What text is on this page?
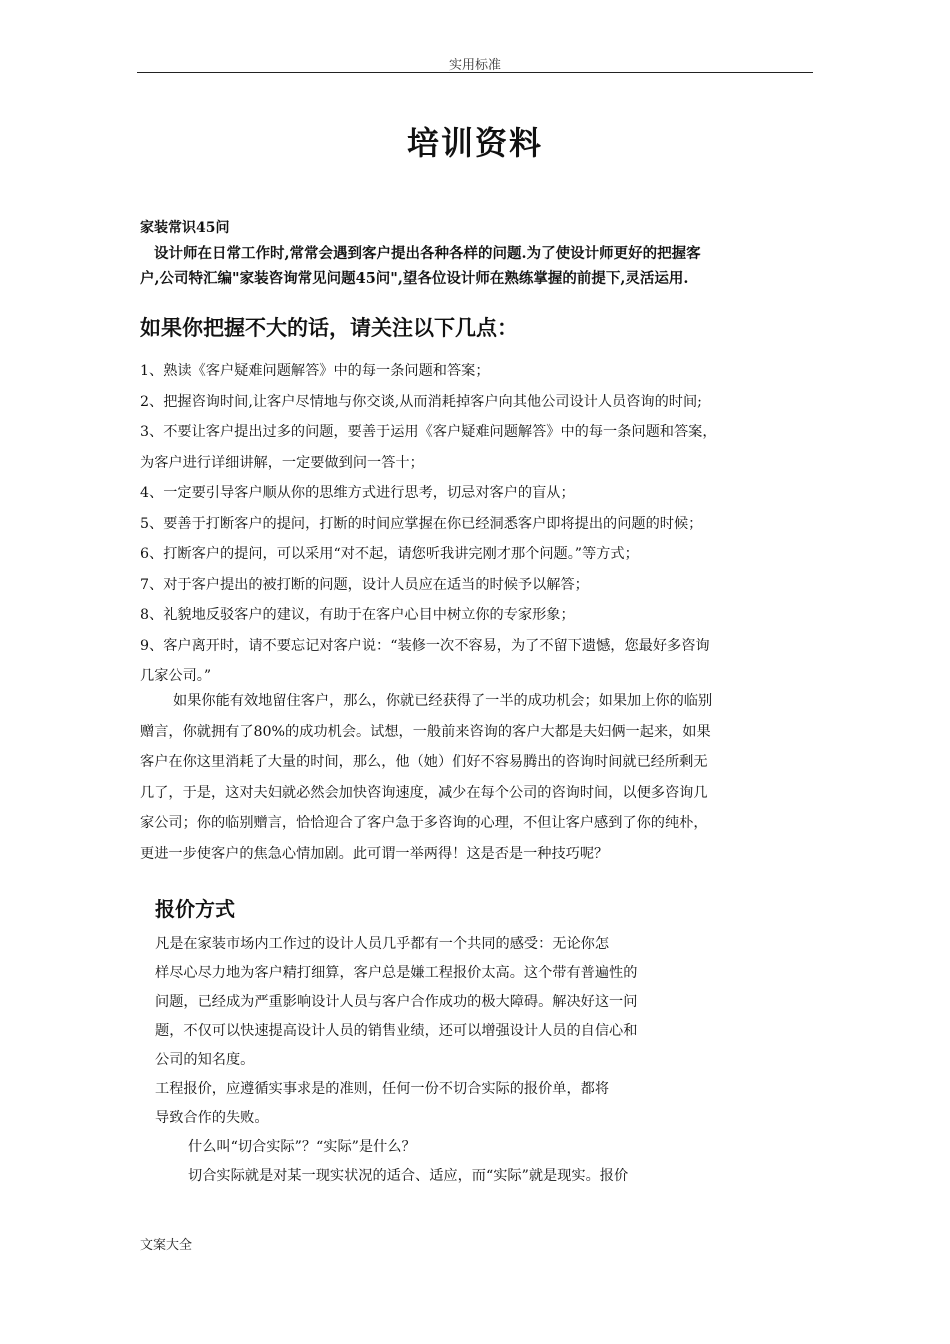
实用标准
培训资料
家装常识45问
设计师在日常工作时,常常会遇到客户提出各种各样的问题.为了使设计师更好的把握客
户,公司特汇编"家装咨询常见问题45问",望各位设计师在熟练掌握的前提下,灵活运用.
如果你把握不大的话，请关注以下几点：
1、熟读《客户疑难问题解答》中的每一条问题和答案；
2、把握咨询时间,让客户尽情地与你交谈,从而消耗掉客户向其他公司设计人员咨询的时间;
3、不要让客户提出过多的问题，要善于运用《客户疑难问题解答》中的每一条问题和答案，
为客户进行详细讲解，一定要做到问一答十；
4、一定要引导客户顺从你的思维方式进行思考，切忌对客户的盲从；
5、要善于打断客户的提问，打断的时间应掌握在你已经洞悉客户即将提出的问题的时候；
6、打断客户的提问，可以采用“对不起，请您听我讲完刚才那个问题。”等方式；
7、对于客户提出的被打断的问题，设计人员应在适当的时候予以解答；
8、礼貌地反驳客户的建议，有助于在客户心目中树立你的专家形象；
9、客户离开时，请不要忘记对客户说：“装修一次不容易，为了不留下遗憾，您最好多咨询
几家公司。”
如果你能有效地留住客户，那么，你就已经获得了一半的成功机会；如果加上你的临别
赠言，你就拥有了80%的成功机会。试想，一般前来咨询的客户大都是夫妇俩一起来，如果
客户在你这里消耗了大量的时间，那么，他（她）们好不容易腾出的咨询时间就已经所剩无
几了，于是，这对夫妇就必然会加快咨询速度，减少在每个公司的咨询时间，以便多咨询几
家公司；你的临别赠言，恰恰迎合了客户急于多咨询的心理，不但让客户感到了你的纯朴，
更进一步使客户的焦急心情加剧。此可谓一举两得！这是否是一种技巧呢？
报价方式
凡是在家装市场内工作过的设计人员几乎都有一个共同的感受：无论你怎
样尽心尽力地为客户精打细算，客户总是嫌工程报价太高。这个带有普遍性的
问题，已经成为严重影响设计人员与客户合作成功的极大障碍。解决好这一问
题，不仅可以快速提高设计人员的销售业绩，还可以增强设计人员的自信心和
公司的知名度。
工程报价，应遵循实事求是的准则，任何一份不切合实际的报价单，都将
导致合作的失败。
什么叫“切合实际”？“实际”是什么？
切合实际就是对某一现实状况的适合、适应，而“实际”就是现实。报价
文案大全
